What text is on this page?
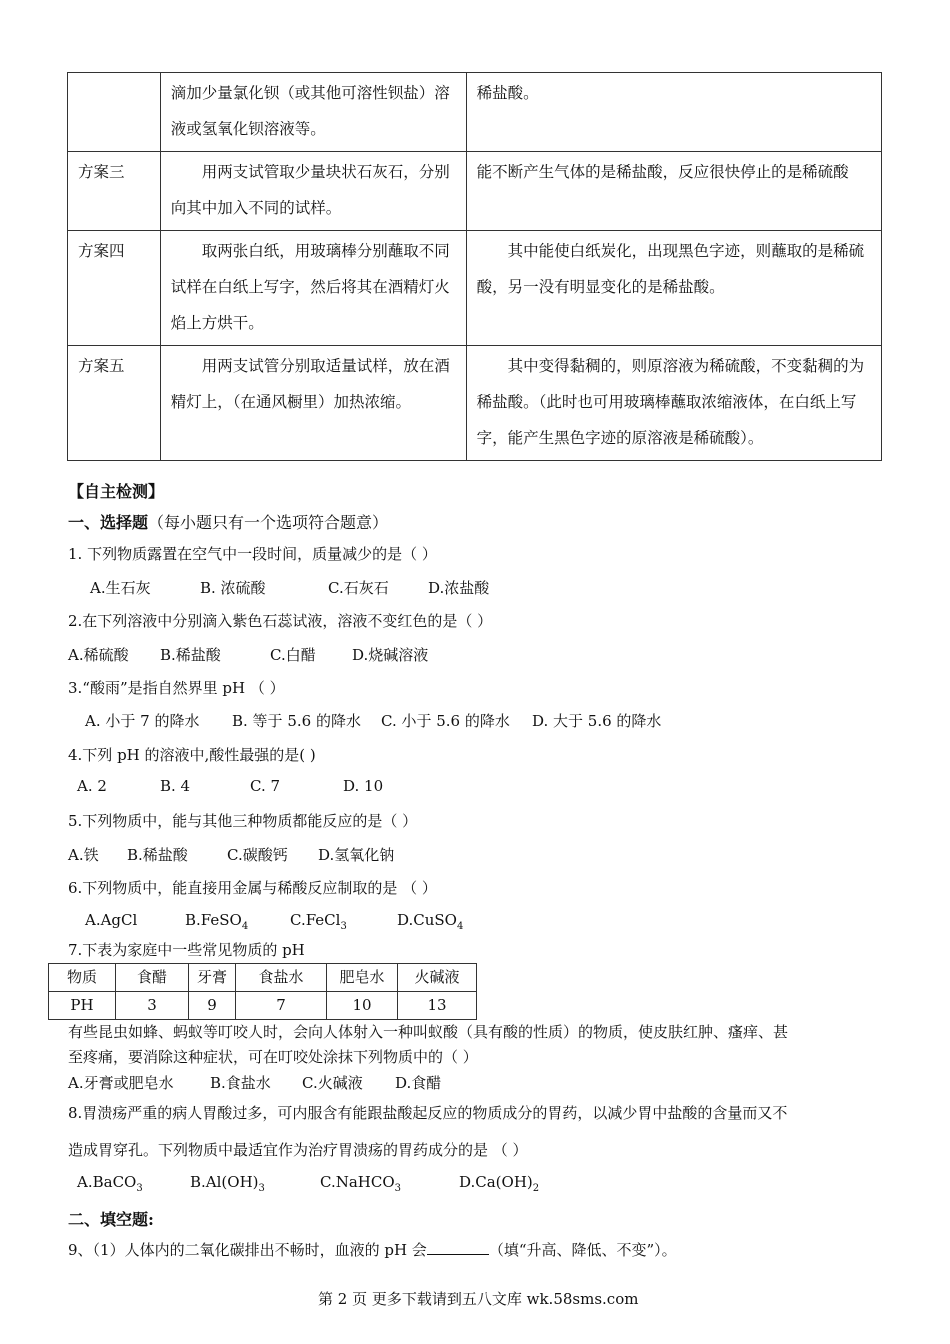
	滴加少量氯化钡（或其他可溶性钡盐）溶液或氢氧化钡溶液等。	稀盐酸。
方案三	用两支试管取少量块状石灰石，分别向其中加入不同的试样。	能不断产生气体的是稀盐酸，反应很快停止的是稀硫酸
方案四	取两张白纸，用玻璃棒分别蘸取不同试样在白纸上写字，然后将其在酒精灯火焰上方烘干。	其中能使白纸炭化，出现黑色字迹，则蘸取的是稀硫酸，另一没有明显变化的是稀盐酸。

方案五	用两支试管分别取适量试样，放在酒精灯上，（在通风橱里）加热浓缩。	其中变得黏稠的，则原溶液为稀硫酸，不变黏稠的为稀盐酸。（此时也可用玻璃棒蘸取浓缩液体，在白纸上写字，能产生黑色字迹的原溶液是稀硫酸）。
【自主检测】
一、选择题（每小题只有一个选项符合题意）
1. 下列物质露置在空气中一段时间，质量减少的是（ ）
A.生石灰	B. 浓硫酸	C.石灰石	D.浓盐酸
2.在下列溶液中分别滴入紫色石蕊试液，溶液不变红色的是（ ）
A.稀硫酸 B.稀盐酸	C.白醋 D.烧碱溶液
3.“酸雨”是指自然界里 pH （ ）
A. 小于 7 的降水 B. 等于 5.6 的降水 C. 小于 5.6 的降水 D. 大于 5.6 的降水
4.下列 pH 的溶液中,酸性最强的是( )
A. 2	B. 4	C. 7	D. 10
5.下列物质中，能与其他三种物质都能反应的是（ ）
A.铁 B.稀盐酸	C.碳酸钙 D.氢氧化钠
6.下列物质中，能直接用金属与稀酸反应制取的是 （ ）
A.AgCl	B.FeSO$_4$	C.FeCl$_3$	D.CuSO$_4$
7.下表为家庭中一些常见物质的 pH
物质	食醋	牙膏	食盐水	肥皂水	火碱液
PH	3	9	7	10	13
有些昆虫如蜂、蚂蚁等叮咬人时，会向人体射入一种叫蚁酸（具有酸的性质）的物质，使皮肤红肿、瘙痒、甚
至疼痛，要消除这种症状，可在叮咬处涂抹下列物质中的（ ）
A.牙膏或肥皂水 B.食盐水 C.火碱液 D.食醋
8.胃溃疡严重的病人胃酸过多，可内服含有能跟盐酸起反应的物质成分的胃药，以减少胃中盐酸的含量而又不
造成胃穿孔。下列物质中最适宜作为治疗胃溃疡的胃药成分的是 （ ）
A.BaCO$_3$	$B.Al(OH)_3$	C.NaHCO$_3$	$D.Ca(OH)_2$
二、填空题:
9、（1）人体内的二氧化碳排出不畅时，血液的 pH 会	（填“升高、降低、不变”）。
第 2 页 更多下载请到五八文库 wk.58sms.com
